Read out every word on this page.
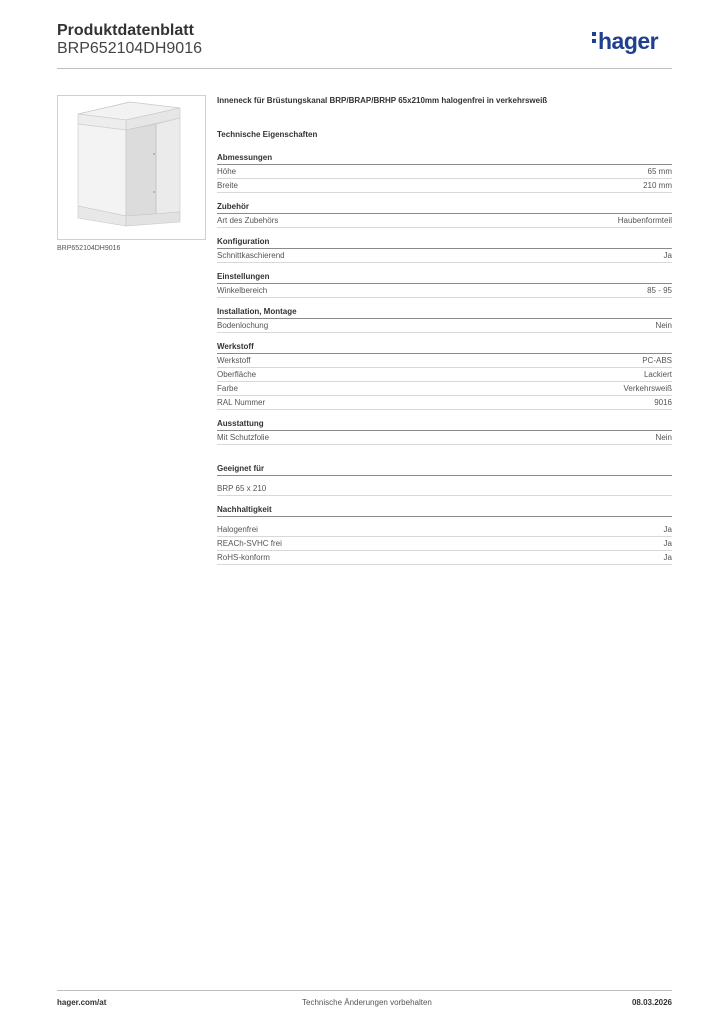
Produktdatenblatt
BRP652104DH9016	hager
BRP652104DH9016
Inneneck für Brüstungskanal BRP/BRAP/BRHP 65x210mm halogenfrei in verkehrsweiß
Technische Eigenschaften
Abmessungen
Höhe	65 mm
Breite	210 mm
Zubehör
Art des Zubehörs	Haubenformteil
Konfiguration
Schnittkaschierend	Ja
Einstellungen
Winkelbereich	85 - 95
Installation, Montage
Bodenlochung	Nein
Werkstoff
Werkstoff	PC-ABS
Oberfläche	Lackiert
Farbe	Verkehrsweiß
RAL Nummer	9016
Ausstattung
Mit Schutzfolie	Nein
Geeignet für
BRP 65 x 210
Nachhaltigkeit
Halogenfrei	Ja
REACh-SVHC frei	Ja
RoHS-konform	Ja
hager.com/at	Technische Änderungen vorbehalten	08.03.2026
